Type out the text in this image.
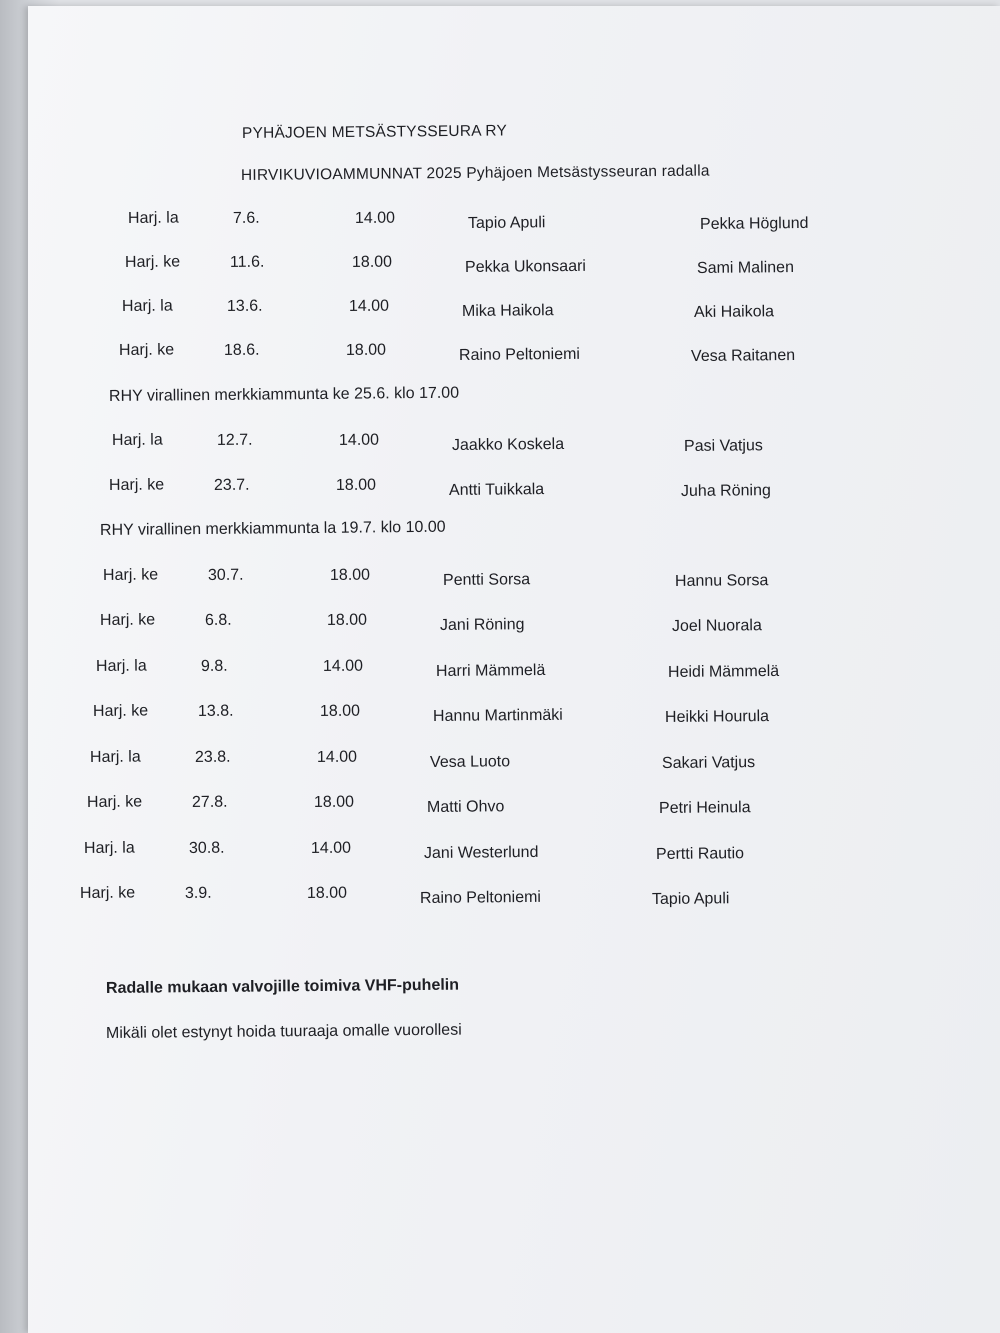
PYHÄJOEN METSÄSTYSSEURA RY
HIRVIKUVIOAMMUNNAT 2025 Pyhäjoen Metsästysseuran radalla
Harj. la	7.6.	14.00	Tapio Apuli	Pekka Höglund
Harj. ke	11.6.	18.00	Pekka Ukonsaari	Sami Malinen
Harj. la	13.6.	14.00	Mika Haikola	Aki Haikola
Harj. ke	18.6.	18.00	Raino Peltoniemi	Vesa Raitanen
Harj. la	12.7.	14.00	Jaakko Koskela	Pasi Vatjus
Harj. ke	23.7.	18.00	Antti Tuikkala	Juha Röning
Harj. ke	30.7.	18.00	Pentti Sorsa	Hannu Sorsa
Harj. ke	6.8.	18.00	Jani Röning	Joel Nuorala
Harj. la	9.8.	14.00	Harri Mämmelä	Heidi Mämmelä
Harj. ke	13.8.	18.00	Hannu Martinmäki	Heikki Hourula
Harj. la	23.8.	14.00	Vesa Luoto	Sakari Vatjus
Harj. ke	27.8.	18.00	Matti Ohvo	Petri Heinula
Harj. la	30.8.	14.00	Jani Westerlund	Pertti Rautio
Harj. ke	3.9.	18.00	Raino Peltoniemi	Tapio Apuli
RHY virallinen merkkiammunta ke 25.6. klo 17.00
RHY virallinen merkkiammunta la 19.7. klo 10.00
Radalle mukaan valvojille toimiva VHF-puhelin
Mikäli olet estynyt hoida tuuraaja omalle vuorollesi
